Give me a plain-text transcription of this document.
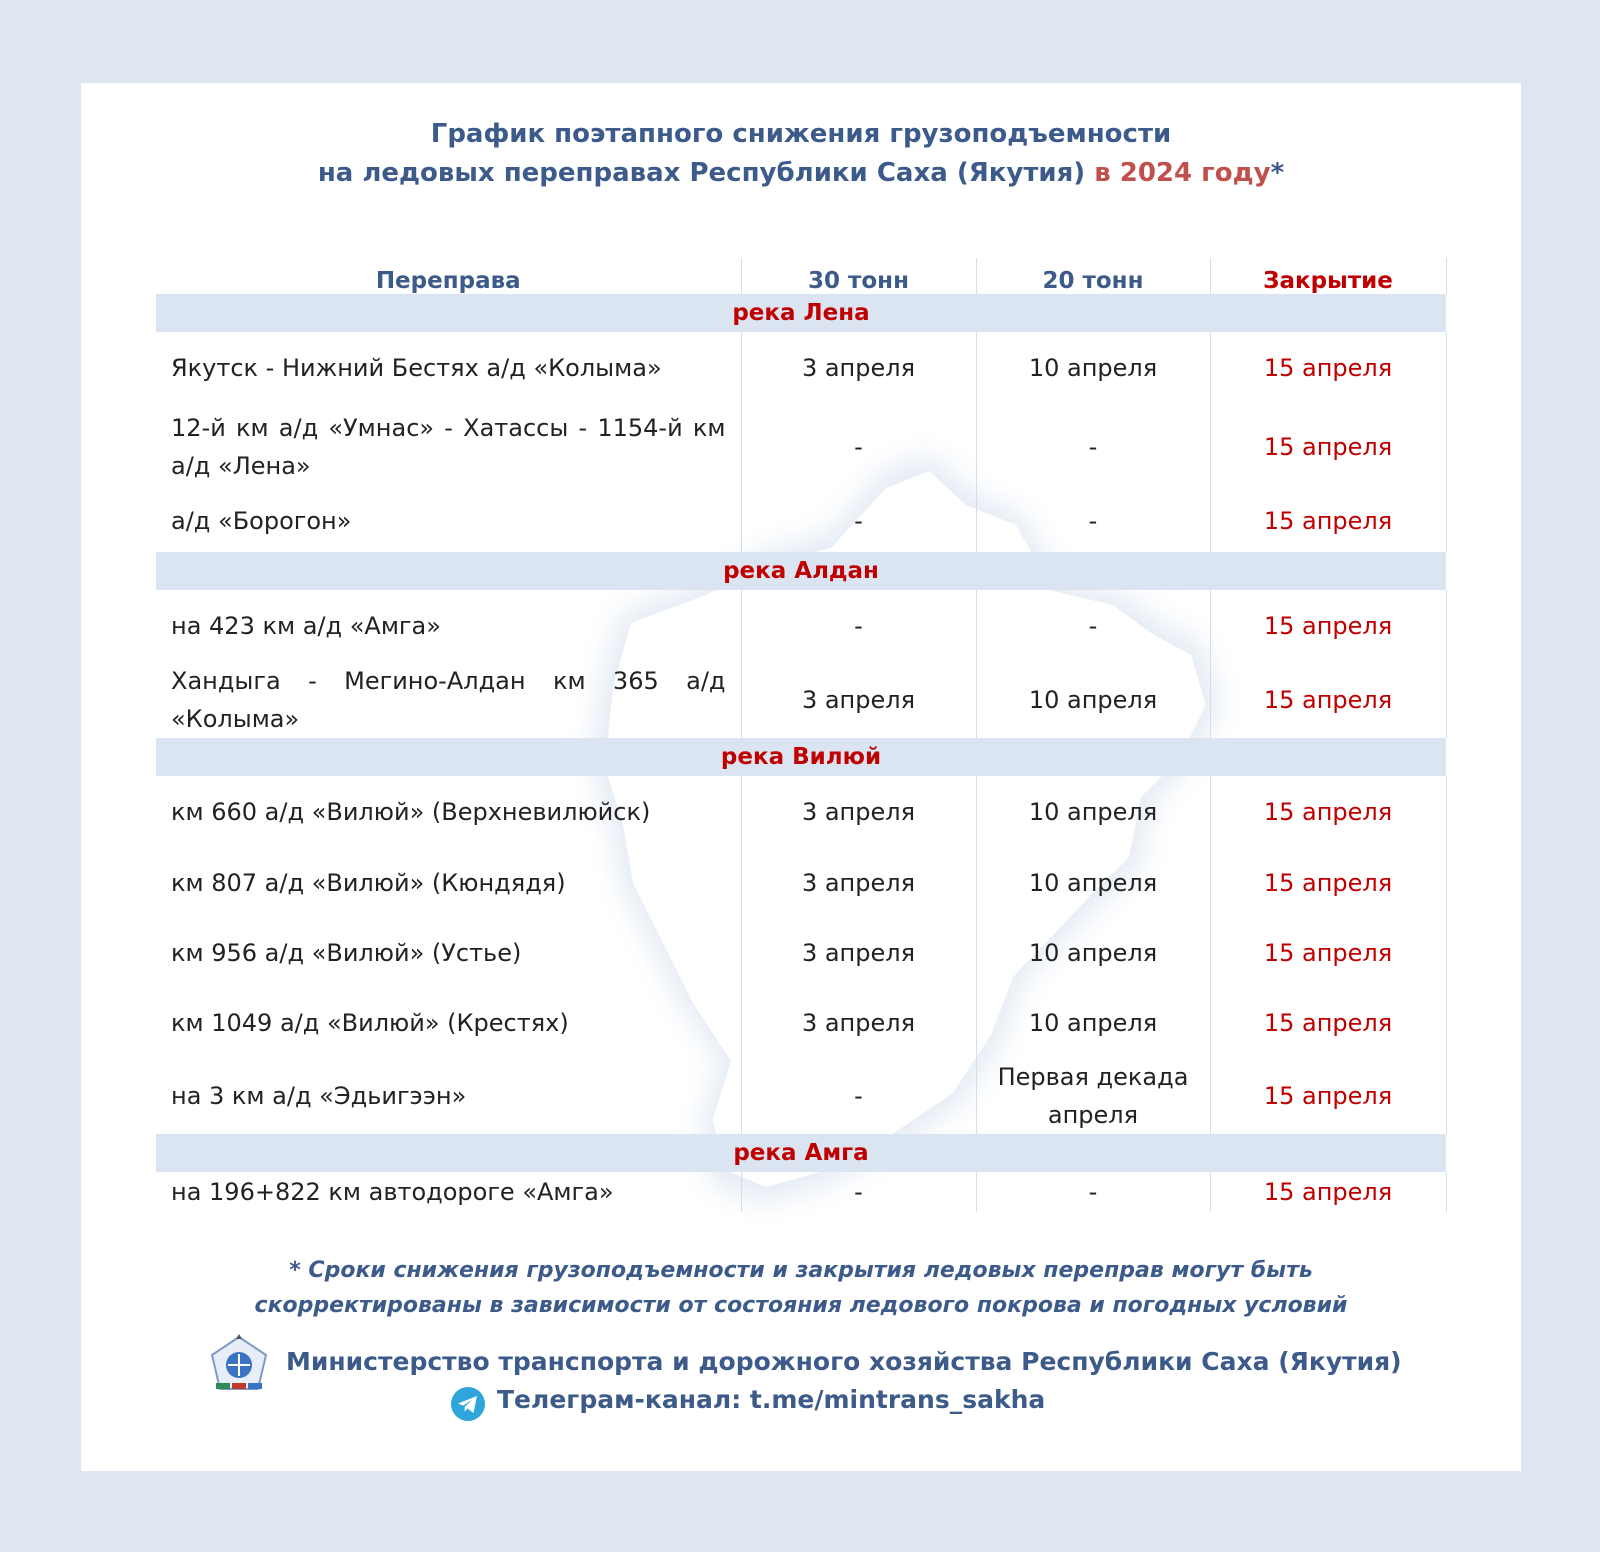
График поэтапного снижения грузоподъемности
на ледовых переправах Республики Саха (Якутия) в 2024 году*
Переправа	30 тонн	20 тонн	Закрытие
река Лена			
Якутск - Нижний Бестях а/д «Колыма»	3 апреля	10 апреля	15 апреля
12-й км а/д «Умнас» - Хатассы - 1154-й км а/д «Лена»	-	-	15 апреля
а/д «Борогон»	-	-	15 апреля
река Алдан			
на 423 км а/д «Амга»	-	-	15 апреля
Хандыга - Мегино-Алдан км 365 а/д «Колыма»	3 апреля	10 апреля	15 апреля
река Вилюй			
км 660 а/д «Вилюй» (Верхневилюйск)	3 апреля	10 апреля	15 апреля
км 807 а/д «Вилюй» (Кюндядя)	3 апреля	10 апреля	15 апреля
км 956 а/д «Вилюй» (Устье)	3 апреля	10 апреля	15 апреля
км 1049 а/д «Вилюй» (Крестях)	3 апреля	10 апреля	15 апреля
на 3 км а/д «Эдьигээн»	-	Первая декада апреля	15 апреля
река Амга			
на 196+822 км автодороге «Амга»	-	-	15 апреля
* Сроки снижения грузоподъемности и закрытия ледовых переправ могут быть
скорректированы в зависимости от состояния ледового покрова и погодных условий
Министерство транспорта и дорожного хозяйства Республики Саха (Якутия)
Телеграм-канал: t.me/mintrans_sakha
